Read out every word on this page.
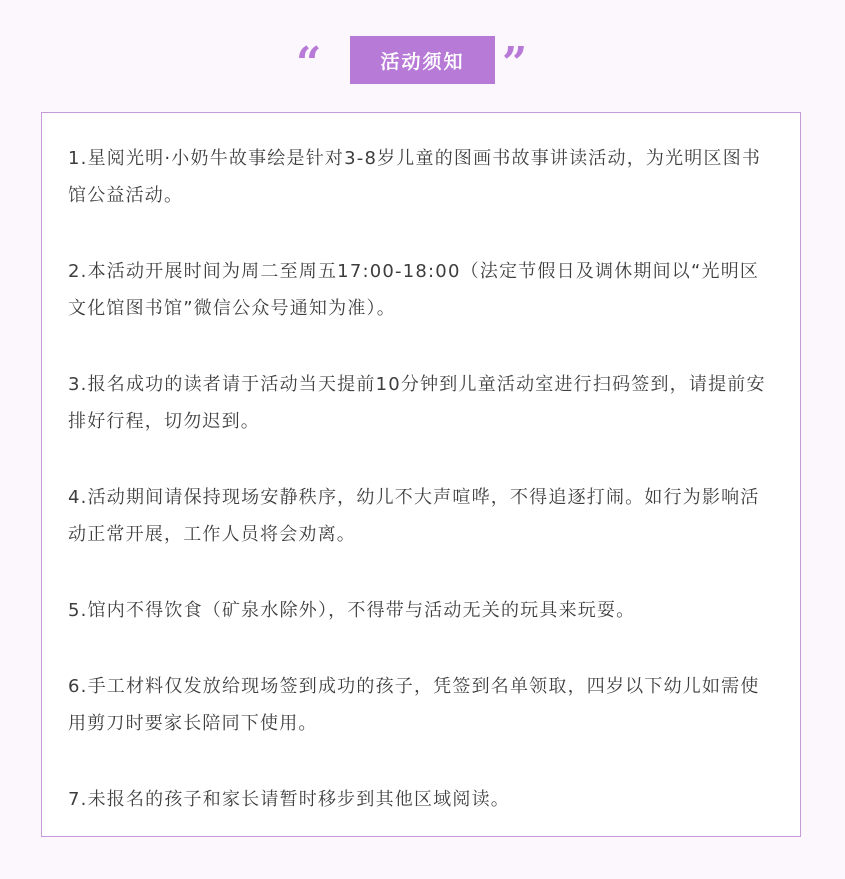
“	活动须知 ”
1.星阅光明·小奶牛故事绘是针对3-8岁儿童的图画书故事讲读活动，为光明区图书馆公益活动。
2.本活动开展时间为周二至周五17:00-18:00（法定节假日及调休期间以“光明区文化馆图书馆”微信公众号通知为准）。
3.报名成功的读者请于活动当天提前10分钟到儿童活动室进行扫码签到，请提前安排好行程，切勿迟到。
4.活动期间请保持现场安静秩序，幼儿不大声喧哗，不得追逐打闹。如行为影响活动正常开展，工作人员将会劝离。
5.馆内不得饮食（矿泉水除外），不得带与活动无关的玩具来玩耍。
6.手工材料仅发放给现场签到成功的孩子，凭签到名单领取，四岁以下幼儿如需使用剪刀时要家长陪同下使用。
7.未报名的孩子和家长请暂时移步到其他区域阅读。
